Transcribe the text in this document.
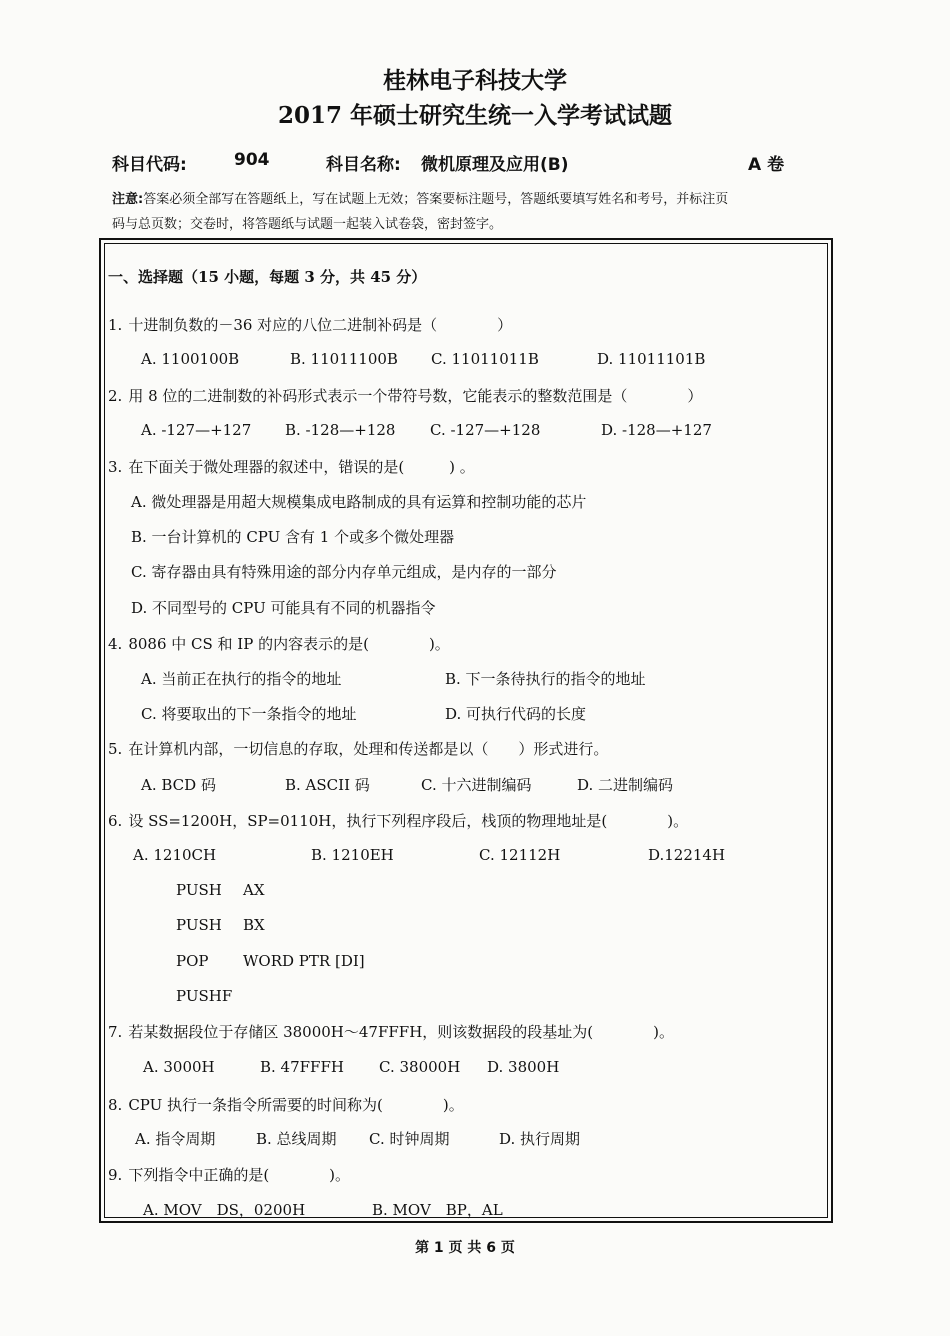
桂林电子科技大学
2017 年硕士研究生统一入学考试试题
科目代码:	904	科目名称: 微机原理及应用(B)	A 卷
注意:答案必须全部写在答题纸上，写在试题上无效；答案要标注题号，答题纸要填写姓名和考号，并标注页
码与总页数；交卷时，将答题纸与试题一起装入试卷袋，密封签字。
一、选择题（15 小题，每题 3 分，共 45 分）
1. 十进制负数的－36 对应的八位二进制补码是（　　　　）
A. 1100100B	B. 11011100B C. 11011011B	D. 11011101B
2. 用 8 位的二进制数的补码形式表示一个带符号数，它能表示的整数范围是（　　　　）
A. -127—+127 B. -128—+128 C. -127—+128	D. -128—+127
3. 在下面关于微处理器的叙述中，错误的是(　　　) 。
A. 微处理器是用超大规模集成电路制成的具有运算和控制功能的芯片
B. 一台计算机的 CPU 含有 1 个或多个微处理器
C. 寄存器由具有特殊用途的部分内存单元组成，是内存的一部分
D. 不同型号的 CPU 可能具有不同的机器指令
4. 8086 中 CS 和 IP 的内容表示的是(　　　　)。
A. 当前正在执行的指令的地址	B. 下一条待执行的指令的地址
C. 将要取出的下一条指令的地址	D. 可执行代码的长度
5. 在计算机内部，一切信息的存取，处理和传送都是以（　　）形式进行。
A. BCD 码	B. ASCII 码	C. 十六进制编码	D. 二进制编码
6. 设 SS=1200H，SP=0110H，执行下列程序段后，栈顶的物理地址是(　　　　)。
A. 1210CH	B. 1210EH	C. 12112H	D.12214H
PUSH AX
PUSH BX
POP WORD PTR [DI]
PUSHF
7. 若某数据段位于存储区 38000H～47FFFH，则该数据段的段基址为(　　　　)。
A. 3000H	B. 47FFFH C. 38000H D. 3800H
8. CPU 执行一条指令所需要的时间称为(　　　　)。
A. 指令周期	B. 总线周期 C. 时钟周期	D. 执行周期
9. 下列指令中正确的是(　　　　)。
A. MOV　DS，0200H	B. MOV　BP，AL
第 1 页 共 6 页
